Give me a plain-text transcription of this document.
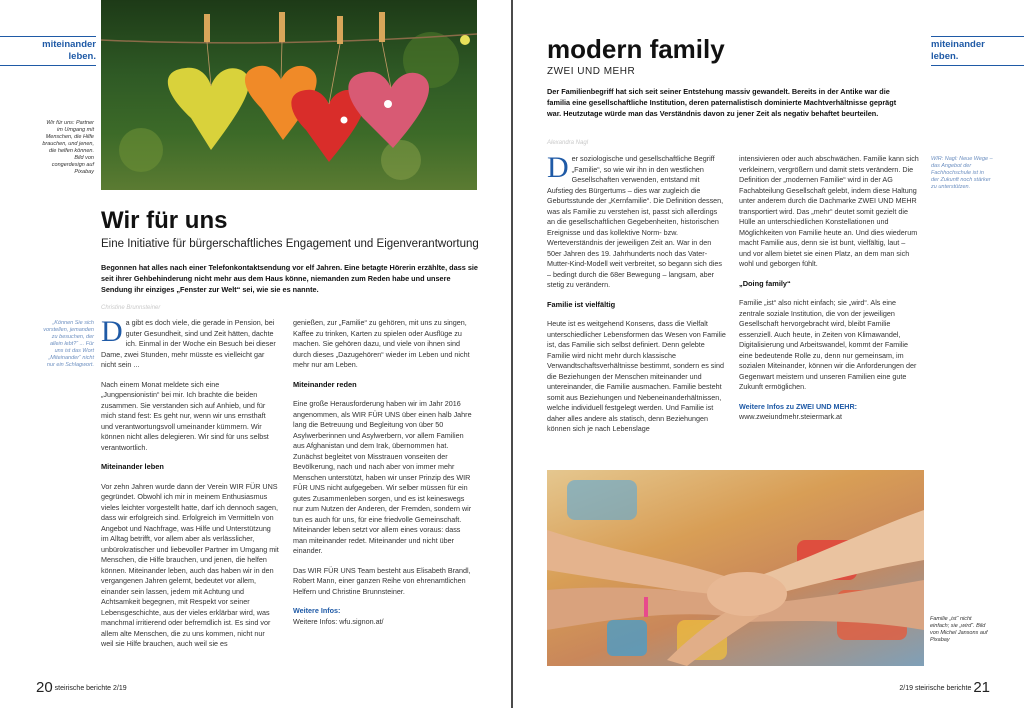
miteinander
leben.
Wir für uns: Partner im Umgang mit Menschen, die Hilfe brauchen, und jenen, die helfen können. Bild von congerdesign auf Pixabay
Wir für uns
Eine Initiative für bürgerschaftliches Engagement und Eigenverantwortung
Begonnen hat alles nach einer Telefonkontaktsendung vor elf Jahren. Eine betagte Hörerin erzählte, dass sie seit ihrer Gehbehinderung nicht mehr aus dem Haus könne, niemanden zum Reden habe und unsere Sendung ihr einziges „Fenster zur Welt“ sei, wie sie es nannte.
Christine Brunnsteiner
„Können Sie sich vorstellen, jemanden zu besuchen, der allein lebt?“ ... Für uns ist das Wort „Miteinander“ nicht nur ein Schlagwort.

Da gibt es doch viele, die gerade in Pension, bei guter Gesundheit, sind und Zeit hätten, dachte ich. Einmal in der Woche ein Besuch bei dieser Dame, zwei Stunden, mehr müsste es vielleicht gar nicht sein ...

Nach einem Monat meldete sich eine „Jungpensionistin“ bei mir. Ich brachte die beiden zusammen. Sie verstanden sich auf Anhieb, und für mich stand fest: Es geht nur, wenn wir uns ernsthaft und verantwortungsvoll umeinander kümmern. Wir können nicht alles delegieren. Wir sind für uns selbst verantwortlich.

Miteinander leben

Vor zehn Jahren wurde dann der Verein WIR FÜR UNS gegründet. Obwohl ich mir in meinem Enthusiasmus vieles leichter vorgestellt hatte, darf ich dennoch sagen, dass wir erfolgreich sind. Erfolgreich im Vermitteln von Angebot und Nachfrage, was Hilfe und Unterstützung im Alltag betrifft, vor allem aber als verlässlicher, unbürokratischer und liebevoller Partner im Umgang mit Menschen, die Hilfe brauchen, und jenen, die helfen können. Miteinander leben, auch das haben wir in den vergangenen Jahren gelernt, bedeutet vor allem, einander sein lassen, jedem mit Achtung und Achtsamkeit begegnen, mit Respekt vor seiner Lebensgeschichte, aus der vieles erklärbar wird, was manchmal irritierend oder befremdlich ist. Es sind vor allem alte Menschen, die zu uns kommen, nicht nur weil sie Hilfe brauchen, auch weil sie es

genießen, zur „Familie“ zu gehören, mit uns zu singen, Kaffee zu trinken, Karten zu spielen oder Ausflüge zu machen. Sie gehören dazu, und viele von ihnen sind durch dieses „Dazugehören“ wieder im Leben und nicht mehr nur am Leben.

Miteinander reden

Eine große Herausforderung haben wir im Jahr 2016 angenommen, als WIR FÜR UNS über einen halb Jahre lang die Betreuung und Begleitung von über 50 Asylwerberinnen und Asylwerbern, vor allem Familien aus Afghanistan und dem Irak, übernommen hat. Zunächst begleitet von Misstrauen vonseiten der Bevölkerung, nach und nach aber von immer mehr Menschen unterstützt, haben wir unser Prinzip des WIR FÜR UNS nicht aufgegeben. Wir selber müssen für ein gutes Zusammenleben sorgen, und es ist keineswegs nur zum Nutzen der Anderen, der Fremden, sondern wir tun es auch für uns, für eine friedvolle Gemeinschaft. Miteinander leben setzt vor allem eines voraus: dass man miteinander redet. Miteinander und nicht über einander.

Das WIR FÜR UNS Team besteht aus Elisabeth Brandl, Robert Mann, einer ganzen Reihe von ehrenamtlichen Helfern und Christine Brunnsteiner.

Weitere Infos:
Weitere Infos: wfu.signon.at/
20 steirische berichte 2/19
miteinander
leben.
modern family
ZWEI UND MEHR
Der Familienbegriff hat sich seit seiner Entstehung massiv gewandelt. Bereits in der Antike war die familia eine gesellschaftliche Institution, deren paternalistisch dominierte Machtverhältnisse geprägt war. Heutzutage würde man das Verständnis davon zu jener Zeit als negativ behaftet beurteilen.
Alexandra Nagl
WIR: Nagl: Neue Wege – das Angebot der Fachhochschule ist in der Zukunft noch stärker zu unterstützen.

Der soziologische und gesellschaftliche Begriff „Familie“, so wie wir ihn in den westlichen Gesellschaften verwenden, entstand mit Aufstieg des Bürgertums – dies war zugleich die Geburtsstunde der „Kernfamilie“. Die Definition dessen, was als Familie zu verstehen ist, passt sich allerdings an die gesellschaftlichen Gegebenheiten, historischen Ereignisse und das kollektive Norm- bzw. Werteverständnis der jeweiligen Zeit an. War in den 50er Jahren des 19. Jahrhunderts noch das Vater-Mutter-Kind-Modell weit verbreitet, so begann sich dies – bedingt durch die 68er Bewegung – langsam, aber stetig zu verändern.

Familie ist vielfältig

Heute ist es weitgehend Konsens, dass die Vielfalt unterschiedlicher Lebensformen das Wesen von Familie ist, das Familie sich selbst definiert. Denn gelebte Familie wird nicht mehr durch klassische Verwandtschaftsverhältnisse bestimmt, sondern es sind die Beziehungen der Menschen miteinander und untereinander, die Familie ausmachen. Familie besteht somit aus Beziehungen und Nebeneinanderhältnissen, welche individuell festgelegt werden. Und Familie ist daher alles andere als statisch, denn Beziehungen können sich je nach Lebenslage

intensivieren oder auch abschwächen. Familie kann sich verkleinern, vergrößern und damit stets verändern. Die Definition der „modernen Familie“ wird in der AG Fachabteilung Gesellschaft gelebt, indem diese Haltung unter anderem durch die Dachmarke ZWEI UND MEHR transportiert wird. Das „mehr“ deutet somit gezielt die Hülle an unterschiedlichen Konstellationen und Möglichkeiten von Familie heute an. Und dies wiederum macht Familie aus, denn sie ist bunt, vielfältig, laut – und vor allem bietet sie einen Platz, an dem man sich wohl und geborgen fühlt.

„Doing family“

Familie „ist“ also nicht einfach; sie „wird“. Als eine zentrale soziale Institution, die von der jeweiligen Gesellschaft hervorgebracht wird, bleibt Familie essenziell. Auch heute, in Zeiten von Klimawandel, Digitalisierung und Arbeitswandel, kommt der Familie eine bedeutende Rolle zu, denn nur gemeinsam, im sozialen Miteinander, können wir die Anforderungen der Gegenwart meistern und unseren Familien eine gute Zukunft ermöglichen.

Weitere Infos zu ZWEI UND MEHR:
www.zweiundmehr.steiermark.at
Familie „ist“ nicht einfach; sie „wird“. Bild von Michel Jansons auf Pixabay
2/19 steirische berichte 21
